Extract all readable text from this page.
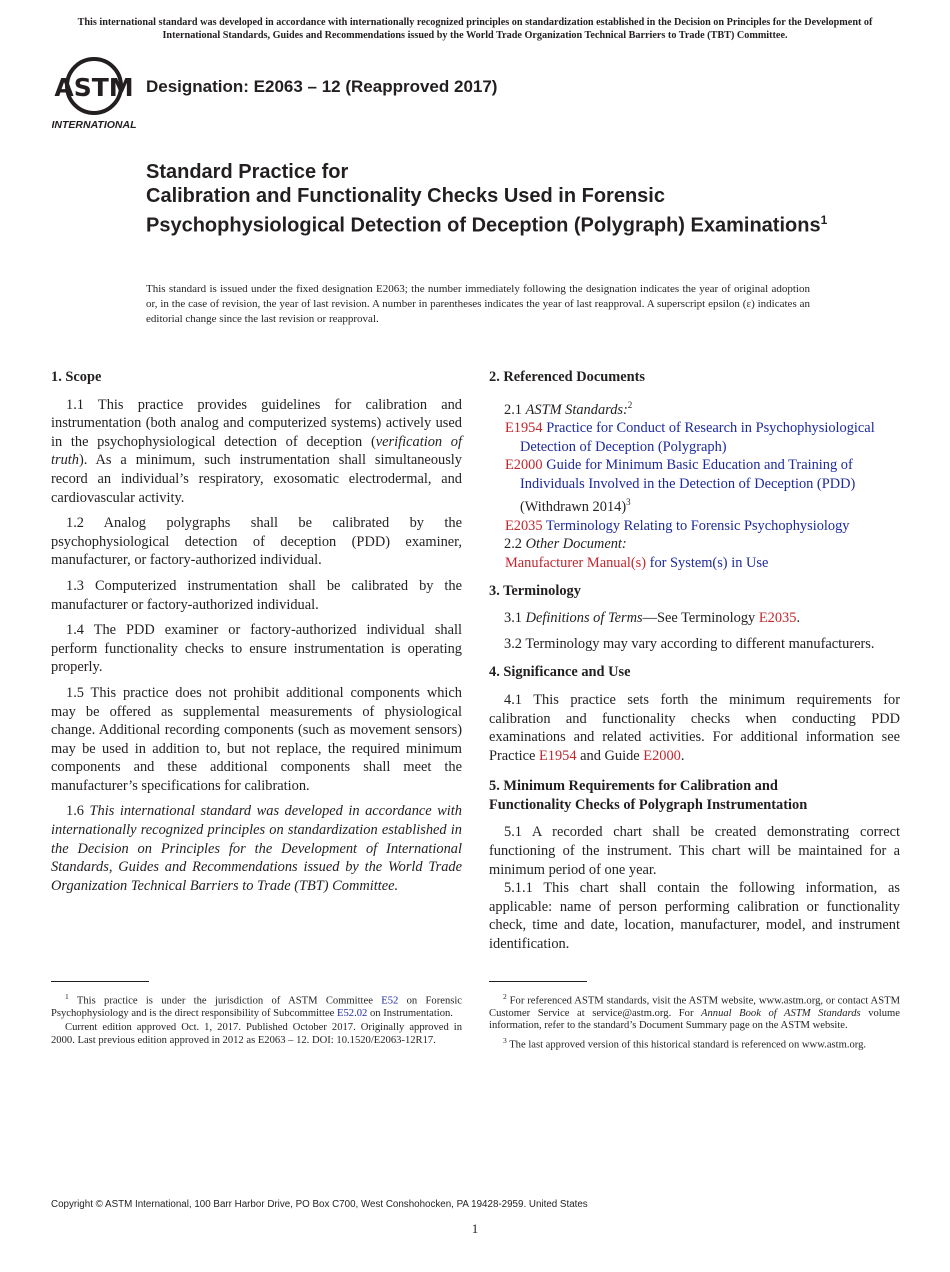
This international standard was developed in accordance with internationally recognized principles on standardization established in the Decision on Principles for the Development of International Standards, Guides and Recommendations issued by the World Trade Organization Technical Barriers to Trade (TBT) Committee.
ASTM
INTERNATIONAL
Designation: E2063 – 12 (Reapproved 2017)
Standard Practice for
Calibration and Functionality Checks Used in Forensic Psychophysiological Detection of Deception (Polygraph) Examinations$^1$
This standard is issued under the fixed designation E2063; the number immediately following the designation indicates the year of original adoption or, in the case of revision, the year of last revision. A number in parentheses indicates the year of last reapproval. A superscript epsilon (ε) indicates an editorial change since the last revision or reapproval.
1. Scope
1.1 This practice provides guidelines for calibration and instrumentation (both analog and computerized systems) actively used in the psychophysiological detection of deception (verification of truth). As a minimum, such instrumentation shall simultaneously record an individual’s respiratory, exosomatic electrodermal, and cardiovascular activity.
1.2 Analog polygraphs shall be calibrated by the psychophysiological detection of deception (PDD) examiner, manufacturer, or factory-authorized individual.
1.3 Computerized instrumentation shall be calibrated by the manufacturer or factory-authorized individual.
1.4 The PDD examiner or factory-authorized individual shall perform functionality checks to ensure instrumentation is operating properly.
1.5 This practice does not prohibit additional components which may be offered as supplemental measurements of physiological change. Additional recording components (such as movement sensors) may be used in addition to, but not replace, the required minimum components and these additional components shall meet the manufacturer’s specifications for calibration.
1.6 This international standard was developed in accordance with internationally recognized principles on standardization established in the Decision on Principles for the Development of International Standards, Guides and Recommendations issued by the World Trade Organization Technical Barriers to Trade (TBT) Committee.
2. Referenced Documents
2.1 ASTM Standards:$^2$
E1954 Practice for Conduct of Research in Psychophysiological Detection of Deception (Polygraph)
E2000 Guide for Minimum Basic Education and Training of Individuals Involved in the Detection of Deception (PDD)
(Withdrawn 2014)$^3$
E2035 Terminology Relating to Forensic Psychophysiology
2.2 Other Document:
Manufacturer Manual(s) for System(s) in Use
3. Terminology
3.1 Definitions of Terms—See Terminology E2035.
3.2 Terminology may vary according to different manufacturers.
4. Significance and Use
4.1 This practice sets forth the minimum requirements for calibration and functionality checks when conducting PDD examinations and related activities. For additional information see Practice E1954 and Guide E2000.
5. Minimum Requirements for Calibration and
Functionality Checks of Polygraph Instrumentation
5.1 A recorded chart shall be created demonstrating correct functioning of the instrument. This chart will be maintained for a minimum period of one year.
5.1.1 This chart shall contain the following information, as applicable: name of person performing calibration or functionality check, time and date, location, manufacturer, model, and instrument identification.

$^1$ This practice is under the jurisdiction of ASTM Committee E52 on Forensic Psychophysiology and is the direct responsibility of Subcommittee E52.02 on Instrumentation.

Current edition approved Oct. 1, 2017. Published October 2017. Originally approved in 2000. Last previous edition approved in 2012 as E2063 – 12. DOI: 10.1520/E2063-12R17.

$^2$ For referenced ASTM standards, visit the ASTM website, www.astm.org, or contact ASTM Customer Service at service@astm.org. For Annual Book of ASTM Standards volume information, refer to the standard’s Document Summary page on the ASTM website.

$^3$ The last approved version of this historical standard is referenced on www.astm.org.

Copyright © ASTM International, 100 Barr Harbor Drive, PO Box C700, West Conshohocken, PA 19428-2959. United States
1
